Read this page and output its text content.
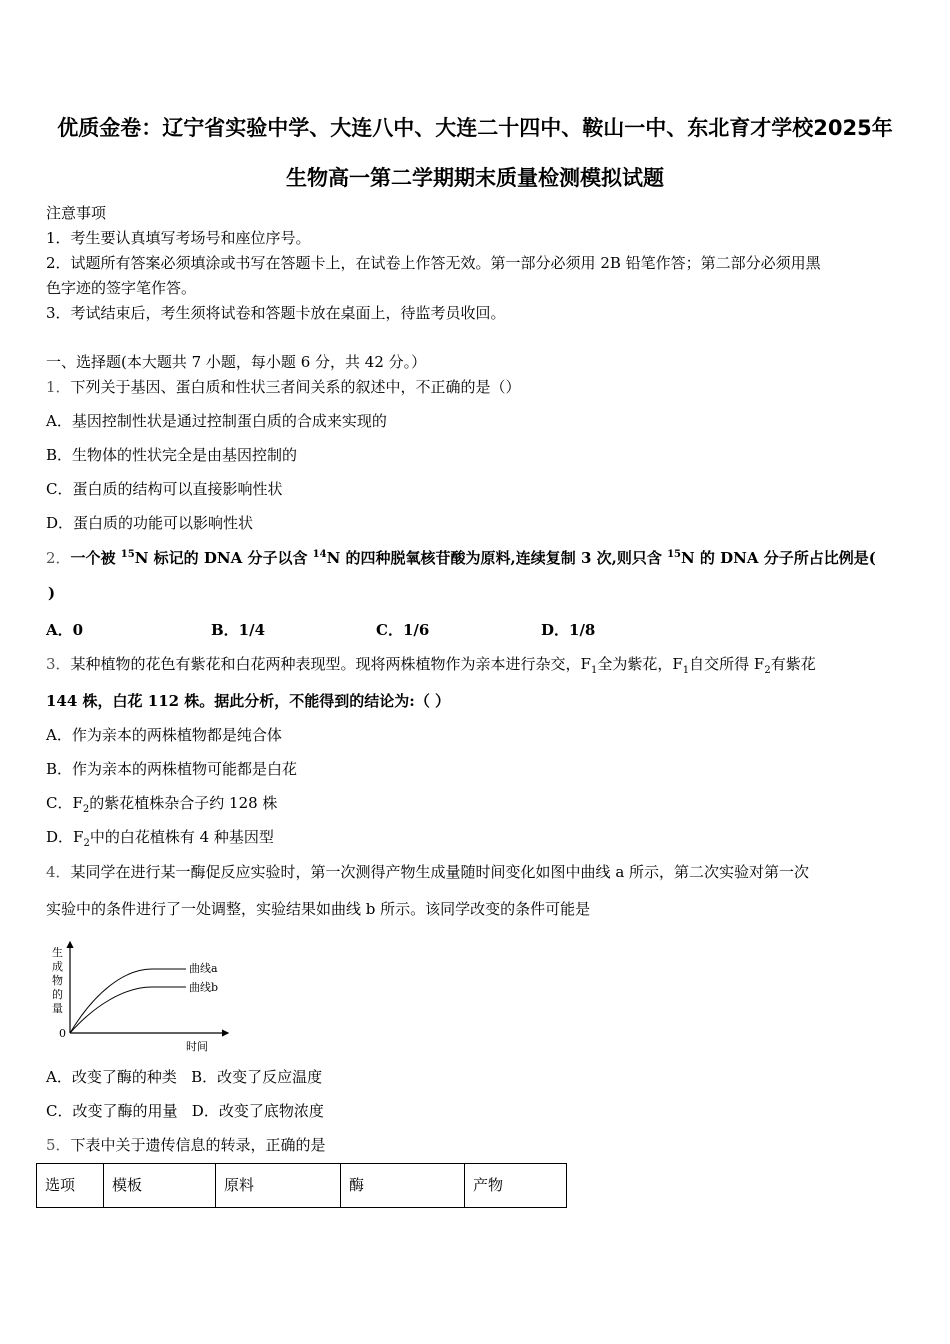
优质金卷：辽宁省实验中学、大连八中、大连二十四中、鞍山一中、东北育才学校2025年
生物高一第二学期期末质量检测模拟试题
注意事项
1．考生要认真填写考场号和座位序号。
2．试题所有答案必须填涂或书写在答题卡上，在试卷上作答无效。第一部分必须用 2B 铅笔作答；第二部分必须用黑
色字迹的签字笔作答。
3．考试结束后，考生须将试卷和答题卡放在桌面上，待监考员收回。
一、选择题(本大题共 7 小题，每小题 6 分，共 42 分。）
1．下列关于基因、蛋白质和性状三者间关系的叙述中，不正确的是（）
A．基因控制性状是通过控制蛋白质的合成来实现的
B．生物体的性状完全是由基因控制的
C．蛋白质的结构可以直接影响性状
D．蛋白质的功能可以影响性状
2．一个被 $^{15}$N 标记的 DNA 分子以含 $^{14}$N 的四种脱氧核苷酸为原料,连续复制 3 次,则只含 $^{15}$N 的 DNA 分子所占比例是(
)
A．0	B．1/4	C．1/6	D．1/8
3．某种植物的花色有紫花和白花两种表现型。现将两株植物作为亲本进行杂交，$F_1$全为紫花，$F_1$自交所得 $F_2$有紫花
144 株，白花 112 株。据此分析，不能得到的结论为:（ ）
A．作为亲本的两株植物都是纯合体
B．作为亲本的两株植物可能都是白花
C．$F_2$的紫花植株杂合子约 128 株
D．$F_2$中的白花植株有 4 种基因型
4．某同学在进行某一酶促反应实验时，第一次测得产物生成量随时间变化如图中曲线 a 所示，第二次实验对第一次
实验中的条件进行了一处调整，实验结果如曲线 b 所示。该同学改变的条件可能是
生
成
物
的
量
0
时间
曲线a
曲线b
A．改变了酶的种类 B．改变了反应温度
C．改变了酶的用量 D．改变了底物浓度
5．下表中关于遗传信息的转录，正确的是
选项	模板	原料	酶	产物
